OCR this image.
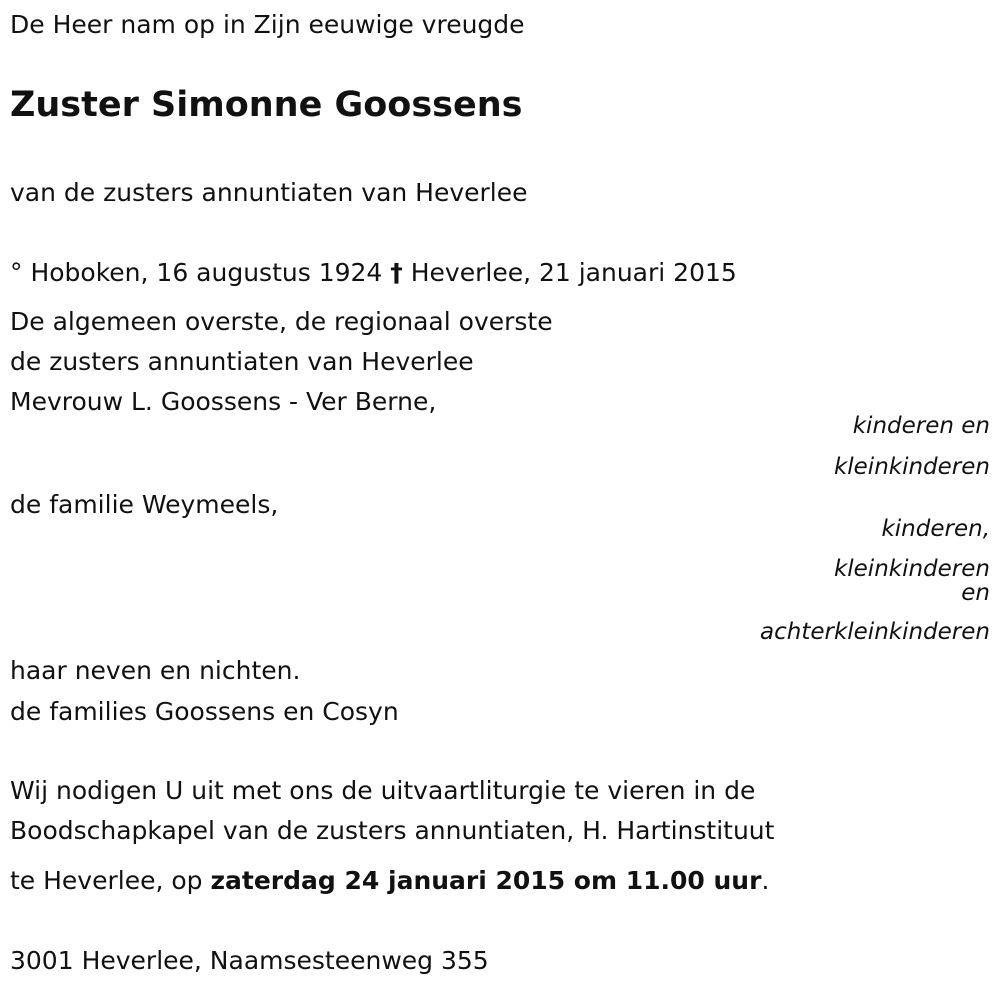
De Heer nam op in Zijn eeuwige vreugde
Zuster Simonne Goossens
van de zusters annuntiaten van Heverlee
° Hoboken, 16 augustus 1924 † Heverlee, 21 januari 2015
De algemeen overste, de regionaal overste
de zusters annuntiaten van Heverlee
Mevrouw L. Goossens - Ver Berne,
kinderen en
kleinkinderen
de familie Weymeels,
kinderen,
kleinkinderen
en
achterkleinkinderen
haar neven en nichten.
de families Goossens en Cosyn
Wij nodigen U uit met ons de uitvaartliturgie te vieren in de
Boodschapkapel van de zusters annuntiaten, H. Hartinstituut
te Heverlee, op zaterdag 24 januari 2015 om 11.00 uur.
3001 Heverlee, Naamsesteenweg 355
